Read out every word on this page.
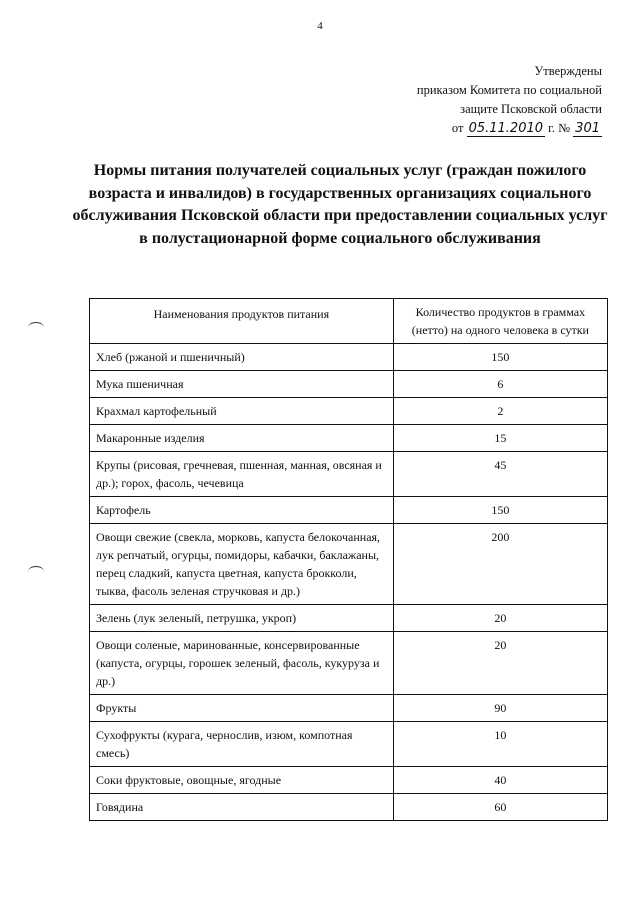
4
Утверждены
приказом Комитета по социальной
защите Псковской области
от 05.11.2010 г. № 301
Нормы питания получателей социальных услуг (граждан пожилого возраста и инвалидов) в государственных организациях социального обслуживания Псковской области при предоставлении социальных услуг в полустационарной форме социального обслуживания
Наименования продуктов питания	Количество продуктов в граммах (нетто) на одного человека в сутки
Хлеб (ржаной и пшеничный)	150
Мука пшеничная	6
Крахмал картофельный	2
Макаронные изделия	15
Крупы (рисовая, гречневая, пшенная, манная, овсяная и др.); горох, фасоль, чечевица	45
Картофель	150
Овощи свежие (свекла, морковь, капуста белокочанная, лук репчатый, огурцы, помидоры, кабачки, баклажаны, перец сладкий, капуста цветная, капуста брокколи, тыква, фасоль зеленая стручковая и др.)	200
Зелень (лук зеленый, петрушка, укроп)	20
Овощи соленые, маринованные, консервированные (капуста, огурцы, горошек зеленый, фасоль, кукуруза и др.)	20
Фрукты	90
Сухофрукты (курага, чернослив, изюм, компотная смесь)	10
Соки фруктовые, овощные, ягодные	40
Говядина	60
